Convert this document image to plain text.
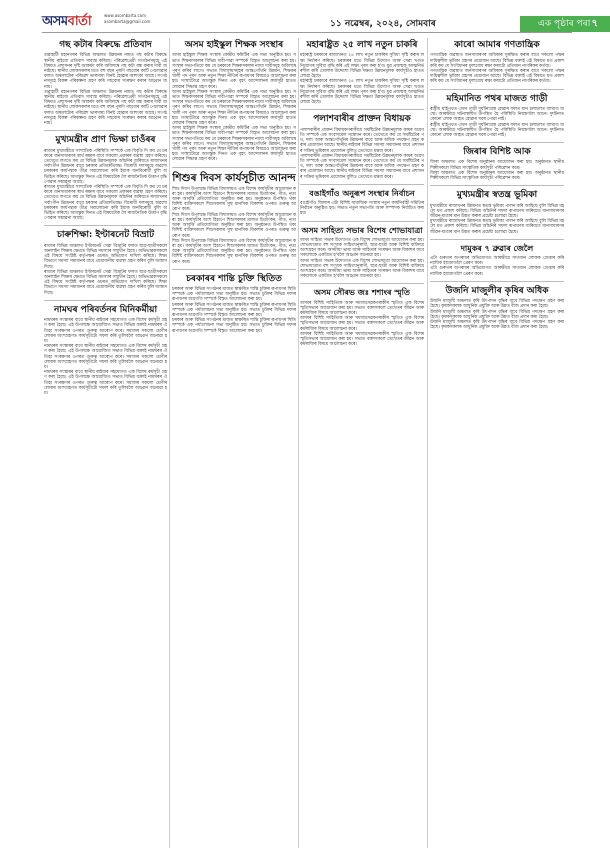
অসমবাৰ্তা	www.asombarta.com
asombarta@gmail.com	১১ নৱেম্বৰ, ২০২৪, সোমবাৰ	এক পৃষ্ঠাৰ পৰা ৭
গছ কটাৰ বিৰুদ্ধে প্ৰতিবাদ
গুৱাহাটী মহানগৰৰ বিভিন্ন অঞ্চলত উন্নয়নৰ নামত গছ কটাৰ বিৰুদ্ধে স্থানীয় ৰাইজে প্ৰতিবাদ সাব্যস্ত কৰিছে। পৰিৱেশপ্ৰেমী সংগঠনসমূহে এই বিষয়ত প্ৰশাসনৰ দৃষ্টি আকৰ্ষণ কৰি অবিলম্বে গছ কটা বন্ধ কৰাৰ দাবী জনাইছে। স্থানীয় লোকসকলৰ মতে বহু বছৰ পুৰণি গছবোৰ কাটি পেলোৱাৰ ফলত অঞ্চলটোৰ পৰিৱেশ ভাৰসাম্য বিনষ্ট হোৱাৰ আশংকা আছে। সংগঠনসমূহে বিকল্প পৰিকল্পনা গ্ৰহণ কৰি গছবোৰ সংৰক্ষণ কৰাৰ আহ্বান জনায়।
গুৱাহাটী মহানগৰৰ বিভিন্ন অঞ্চলত উন্নয়নৰ নামত গছ কটাৰ বিৰুদ্ধে স্থানীয় ৰাইজে প্ৰতিবাদ সাব্যস্ত কৰিছে। পৰিৱেশপ্ৰেমী সংগঠনসমূহে এই বিষয়ত প্ৰশাসনৰ দৃষ্টি আকৰ্ষণ কৰি অবিলম্বে গছ কটা বন্ধ কৰাৰ দাবী জনাইছে। স্থানীয় লোকসকলৰ মতে বহু বছৰ পুৰণি গছবোৰ কাটি পেলোৱাৰ ফলত অঞ্চলটোৰ পৰিৱেশ ভাৰসাম্য বিনষ্ট হোৱাৰ আশংকা আছে। সংগঠনসমূহে বিকল্প পৰিকল্পনা গ্ৰহণ কৰি গছবোৰ সংৰক্ষণ কৰাৰ আহ্বান জনায়।
মুখ্যমন্ত্ৰীৰ প্ৰাণ ভিক্ষা চাওঁৰৰ
ৰাজ্যৰ মুখ্যমন্ত্ৰীয়ে সাম্প্ৰতিক পৰিস্থিতি সম্পৰ্কে এক বিবৃতি দি কয় যে চৰকাৰে জনসাধাৰণৰ স্বাৰ্থ ৰক্ষাৰ বাবে সকলো প্ৰকাৰৰ ব্যৱস্থা গ্ৰহণ কৰিছে। তেখেতে লগতে কয় যে বিভিন্ন উন্নয়নমূলক আঁচনিৰ জৰিয়তে ৰাজ্যখনৰ সৰ্বাংগীন উন্নয়নৰ বাবে চৰকাৰ প্ৰতিশ্ৰুতিবদ্ধ। বিৰোধী দলসমূহে অৱশ্যে চৰকাৰৰ কাৰ্যপন্থাক তীব্ৰ সমালোচনা কৰি ইয়াক জনবিৰোধী বুলি অভিহিত কৰিছে। আগন্তুক দিনত এই বিষয়টোক লৈ ৰাজনৈতিক উত্তাপ বৃদ্ধি পোৱাৰ সম্ভাৱনা আছে।
ৰাজ্যৰ মুখ্যমন্ত্ৰীয়ে সাম্প্ৰতিক পৰিস্থিতি সম্পৰ্কে এক বিবৃতি দি কয় যে চৰকাৰে জনসাধাৰণৰ স্বাৰ্থ ৰক্ষাৰ বাবে সকলো প্ৰকাৰৰ ব্যৱস্থা গ্ৰহণ কৰিছে। তেখেতে লগতে কয় যে বিভিন্ন উন্নয়নমূলক আঁচনিৰ জৰিয়তে ৰাজ্যখনৰ সৰ্বাংগীন উন্নয়নৰ বাবে চৰকাৰ প্ৰতিশ্ৰুতিবদ্ধ। বিৰোধী দলসমূহে অৱশ্যে চৰকাৰৰ কাৰ্যপন্থাক তীব্ৰ সমালোচনা কৰি ইয়াক জনবিৰোধী বুলি অভিহিত কৰিছে। আগন্তুক দিনত এই বিষয়টোক লৈ ৰাজনৈতিক উত্তাপ বৃদ্ধি পোৱাৰ সম্ভাৱনা আছে।
চাৰুশিক্ষা: ইণ্টাৰনেট বিভ্ৰাট
ৰাজ্যৰ বিভিন্ন অঞ্চলত ইণ্টাৰনেট সেৱা বিভ্ৰাটৰ ফলত ছাত্ৰ-ছাত্ৰীসকলে অনলাইন শিক্ষাৰ ক্ষেত্ৰত বিভিন্ন সমস্যাৰ সন্মুখীন হৈছে। অভিভাৱকসকলে এই বিষয়ে সংশ্লিষ্ট কৰ্তৃপক্ষৰ ওচৰত অভিযোগ দাখিল কৰিছে। শিক্ষা বিভাগে সমস্যা সমাধানৰ বাবে প্ৰয়োজনীয় ব্যৱস্থা গ্ৰহণ কৰিব বুলি আশ্বাস দিছে।
ৰাজ্যৰ বিভিন্ন অঞ্চলত ইণ্টাৰনেট সেৱা বিভ্ৰাটৰ ফলত ছাত্ৰ-ছাত্ৰীসকলে অনলাইন শিক্ষাৰ ক্ষেত্ৰত বিভিন্ন সমস্যাৰ সন্মুখীন হৈছে। অভিভাৱকসকলে এই বিষয়ে সংশ্লিষ্ট কৰ্তৃপক্ষৰ ওচৰত অভিযোগ দাখিল কৰিছে। শিক্ষা বিভাগে সমস্যা সমাধানৰ বাবে প্ৰয়োজনীয় ব্যৱস্থা গ্ৰহণ কৰিব বুলি আশ্বাস দিছে।
নামঘৰ পৰিবৰ্তনৰ মিনিকৰ্মীয়া
নামঘৰৰ সংস্কাৰৰ বাবে স্থানীয় ৰাইজৰ সহযোগত এক বিশেষ কৰ্মসূচী গ্ৰহণ কৰা হৈছে। এই উপলক্ষে আয়োজিত সভাত বিভিন্ন বক্তাই নামঘৰৰ ঐতিহ্য সংৰক্ষণৰ ওপৰত গুৰুত্ব আৰোপ কৰে। সমাজৰ সকলো শ্ৰেণীৰ লোকৰ অংশগ্ৰহণত কাৰ্যসূচীটো সফল কৰি তুলিবলৈ আহ্বান জনোৱা হয়।
নামঘৰৰ সংস্কাৰৰ বাবে স্থানীয় ৰাইজৰ সহযোগত এক বিশেষ কৰ্মসূচী গ্ৰহণ কৰা হৈছে। এই উপলক্ষে আয়োজিত সভাত বিভিন্ন বক্তাই নামঘৰৰ ঐতিহ্য সংৰক্ষণৰ ওপৰত গুৰুত্ব আৰোপ কৰে। সমাজৰ সকলো শ্ৰেণীৰ লোকৰ অংশগ্ৰহণত কাৰ্যসূচীটো সফল কৰি তুলিবলৈ আহ্বান জনোৱা হয়।
নামঘৰৰ সংস্কাৰৰ বাবে স্থানীয় ৰাইজৰ সহযোগত এক বিশেষ কৰ্মসূচী গ্ৰহণ কৰা হৈছে। এই উপলক্ষে আয়োজিত সভাত বিভিন্ন বক্তাই নামঘৰৰ ঐতিহ্য সংৰক্ষণৰ ওপৰত গুৰুত্ব আৰোপ কৰে। সমাজৰ সকলো শ্ৰেণীৰ লোকৰ অংশগ্ৰহণত কাৰ্যসূচীটো সফল কৰি তুলিবলৈ আহ্বান জনোৱা হয়।
অসম হাইস্কুল শিক্ষক সংস্থাৰ
অসম হাইস্কুল শিক্ষক সংস্থাৰ কেন্দ্ৰীয় কমিটিৰ এক সভা অনুষ্ঠিত হয়। সভাত শিক্ষকসকলৰ বিভিন্ন দাবী-দাৱা সম্পৰ্কে বিস্তৃত আলোচনা কৰা হয়। সংস্থাৰ সভাপতিয়ে কয় যে চৰকাৰে শিক্ষকসকলৰ ন্যায্য দাবীসমূহ অবিলম্বে পূৰণ কৰিব লাগে। সভাত বিদ্যালয়সমূহৰ আন্তঃগাঁথনি উন্নয়ন, শিক্ষকৰ খালী পদ পূৰণ আৰু নতুন শিক্ষা নীতিৰ ৰূপায়ণৰ বিষয়েও আলোচনা কৰা হয়। সংস্থাটোৱে আগন্তুক দিনত এক বৃহৎ আন্দোলনৰ কাৰ্যসূচী হাতত লোৱাৰ সিদ্ধান্ত গ্ৰহণ কৰে।
অসম হাইস্কুল শিক্ষক সংস্থাৰ কেন্দ্ৰীয় কমিটিৰ এক সভা অনুষ্ঠিত হয়। সভাত শিক্ষকসকলৰ বিভিন্ন দাবী-দাৱা সম্পৰ্কে বিস্তৃত আলোচনা কৰা হয়। সংস্থাৰ সভাপতিয়ে কয় যে চৰকাৰে শিক্ষকসকলৰ ন্যায্য দাবীসমূহ অবিলম্বে পূৰণ কৰিব লাগে। সভাত বিদ্যালয়সমূহৰ আন্তঃগাঁথনি উন্নয়ন, শিক্ষকৰ খালী পদ পূৰণ আৰু নতুন শিক্ষা নীতিৰ ৰূপায়ণৰ বিষয়েও আলোচনা কৰা হয়। সংস্থাটোৱে আগন্তুক দিনত এক বৃহৎ আন্দোলনৰ কাৰ্যসূচী হাতত লোৱাৰ সিদ্ধান্ত গ্ৰহণ কৰে।
অসম হাইস্কুল শিক্ষক সংস্থাৰ কেন্দ্ৰীয় কমিটিৰ এক সভা অনুষ্ঠিত হয়। সভাত শিক্ষকসকলৰ বিভিন্ন দাবী-দাৱা সম্পৰ্কে বিস্তৃত আলোচনা কৰা হয়। সংস্থাৰ সভাপতিয়ে কয় যে চৰকাৰে শিক্ষকসকলৰ ন্যায্য দাবীসমূহ অবিলম্বে পূৰণ কৰিব লাগে। সভাত বিদ্যালয়সমূহৰ আন্তঃগাঁথনি উন্নয়ন, শিক্ষকৰ খালী পদ পূৰণ আৰু নতুন শিক্ষা নীতিৰ ৰূপায়ণৰ বিষয়েও আলোচনা কৰা হয়। সংস্থাটোৱে আগন্তুক দিনত এক বৃহৎ আন্দোলনৰ কাৰ্যসূচী হাতত লোৱাৰ সিদ্ধান্ত গ্ৰহণ কৰে।
শিশুৰ দিবস কাৰ্যসূচীত আনন্দ
শিশু দিবস উপলক্ষে বিভিন্ন বিদ্যালয়ত এক বিশেষ কাৰ্যসূচীৰ আয়োজন কৰা হয়। কাৰ্যসূচীৰ অংশ হিচাপে শিশুসকলৰ মাজত চিত্ৰাংকন, গীত, নৃত্য আৰু আবৃত্তি প্ৰতিযোগিতা অনুষ্ঠিত কৰা হয়। অনুষ্ঠানত উপস্থিত থকা বিশিষ্ট ব্যক্তিসকলে শিশুসকলৰ সুস্থ মানসিক বিকাশৰ ওপৰত গুৰুত্ব আৰোপ কৰে।
শিশু দিবস উপলক্ষে বিভিন্ন বিদ্যালয়ত এক বিশেষ কাৰ্যসূচীৰ আয়োজন কৰা হয়। কাৰ্যসূচীৰ অংশ হিচাপে শিশুসকলৰ মাজত চিত্ৰাংকন, গীত, নৃত্য আৰু আবৃত্তি প্ৰতিযোগিতা অনুষ্ঠিত কৰা হয়। অনুষ্ঠানত উপস্থিত থকা বিশিষ্ট ব্যক্তিসকলে শিশুসকলৰ সুস্থ মানসিক বিকাশৰ ওপৰত গুৰুত্ব আৰোপ কৰে।
শিশু দিবস উপলক্ষে বিভিন্ন বিদ্যালয়ত এক বিশেষ কাৰ্যসূচীৰ আয়োজন কৰা হয়। কাৰ্যসূচীৰ অংশ হিচাপে শিশুসকলৰ মাজত চিত্ৰাংকন, গীত, নৃত্য আৰু আবৃত্তি প্ৰতিযোগিতা অনুষ্ঠিত কৰা হয়। অনুষ্ঠানত উপস্থিত থকা বিশিষ্ট ব্যক্তিসকলে শিশুসকলৰ সুস্থ মানসিক বিকাশৰ ওপৰত গুৰুত্ব আৰোপ কৰে।
চৰকাৰৰ শান্তি চুক্তি স্থিতিত
চৰকাৰ আৰু বিভিন্ন সংগঠনৰ মাজত স্বাক্ষৰিত শান্তি চুক্তিৰ ৰূপায়ণৰ স্থিতি সম্পৰ্কে এক পৰ্যালোচনা সভা অনুষ্ঠিত হয়। সভাত চুক্তিৰ বিভিন্ন দফাৰ ৰূপায়ণৰ অগ্ৰগতি সম্পৰ্কে বিস্তৃত আলোচনা কৰা হয়।
চৰকাৰ আৰু বিভিন্ন সংগঠনৰ মাজত স্বাক্ষৰিত শান্তি চুক্তিৰ ৰূপায়ণৰ স্থিতি সম্পৰ্কে এক পৰ্যালোচনা সভা অনুষ্ঠিত হয়। সভাত চুক্তিৰ বিভিন্ন দফাৰ ৰূপায়ণৰ অগ্ৰগতি সম্পৰ্কে বিস্তৃত আলোচনা কৰা হয়।
চৰকাৰ আৰু বিভিন্ন সংগঠনৰ মাজত স্বাক্ষৰিত শান্তি চুক্তিৰ ৰূপায়ণৰ স্থিতি সম্পৰ্কে এক পৰ্যালোচনা সভা অনুষ্ঠিত হয়। সভাত চুক্তিৰ বিভিন্ন দফাৰ ৰূপায়ণৰ অগ্ৰগতি সম্পৰ্কে বিস্তৃত আলোচনা কৰা হয়।
মহাৰাষ্ট্ৰত ২৫ লাখ নতুন চাকৰি
মহাৰাষ্ট্ৰ চৰকাৰে ৰাজ্যখনত ২৫ লাখ নতুন চাকৰিৰ সুবিধা সৃষ্টি কৰাৰ লক্ষ্য নিৰ্ধাৰণ কৰিছে। চৰকাৰৰ মতে বিভিন্ন উদ্যোগ আৰু সেৱা খণ্ডত নিয়োগৰ সুবিধা বৃদ্ধি কৰি এই লক্ষ্য পূৰণ কৰা হ'ব। যুৱ প্ৰজন্মক আত্মনিৰ্ভৰশীল কৰি তোলাৰ উদ্দেশ্যে বিভিন্ন দক্ষতা উন্নয়নমূলক কাৰ্যসূচীও হাতত লোৱা হৈছে।
মহাৰাষ্ট্ৰ চৰকাৰে ৰাজ্যখনত ২৫ লাখ নতুন চাকৰিৰ সুবিধা সৃষ্টি কৰাৰ লক্ষ্য নিৰ্ধাৰণ কৰিছে। চৰকাৰৰ মতে বিভিন্ন উদ্যোগ আৰু সেৱা খণ্ডত নিয়োগৰ সুবিধা বৃদ্ধি কৰি এই লক্ষ্য পূৰণ কৰা হ'ব। যুৱ প্ৰজন্মক আত্মনিৰ্ভৰশীল কৰি তোলাৰ উদ্দেশ্যে বিভিন্ন দক্ষতা উন্নয়নমূলক কাৰ্যসূচীও হাতত লোৱা হৈছে।
পলাশবাৰীৰ প্ৰাক্তন বিধায়ক
পলাশবাৰীৰ প্ৰাক্তন বিধায়কগৰাকীয়ে সমষ্টিটোৰ উন্নয়নমূলক কামৰ অগ্ৰগতি সম্পৰ্কে এক সংবাদমেল সম্বোধন কৰে। তেখেতে কয় যে সমষ্টিটোৰ পথ, দলং আৰু আন্তঃগাঁথনিৰ উন্নয়নৰ বাবে আৰু অধিক পদক্ষেপ গ্ৰহণ কৰাৰ প্ৰয়োজন আছে। স্থানীয় ৰাইজৰ বিভিন্ন সমস্যা সমাধানৰ বাবে প্ৰশাসনৰ সক্ৰিয় ভূমিকাৰ প্ৰয়োজন বুলিও তেখেতে মন্তব্য কৰে।
পলাশবাৰীৰ প্ৰাক্তন বিধায়কগৰাকীয়ে সমষ্টিটোৰ উন্নয়নমূলক কামৰ অগ্ৰগতি সম্পৰ্কে এক সংবাদমেল সম্বোধন কৰে। তেখেতে কয় যে সমষ্টিটোৰ পথ, দলং আৰু আন্তঃগাঁথনিৰ উন্নয়নৰ বাবে আৰু অধিক পদক্ষেপ গ্ৰহণ কৰাৰ প্ৰয়োজন আছে। স্থানীয় ৰাইজৰ বিভিন্ন সমস্যা সমাধানৰ বাবে প্ৰশাসনৰ সক্ৰিয় ভূমিকাৰ প্ৰয়োজন বুলিও তেখেতে মন্তব্য কৰে।
বঙাইগাঁও অনুৰূপ সংস্থাৰ নিৰ্বাচন
বঙাইগাঁও জিলাৰ এটা বিশিষ্ট সামাজিক সংস্থাৰ নতুন কাৰ্যনিৰ্বাহী সমিতিৰ নিৰ্বাচন অনুষ্ঠিত হয়। সভাত নতুন সভাপতি আৰু সম্পাদক নিৰ্বাচিত কৰা হয়।
অসম সাহিত্য সভাৰ বিশেষ শোভাযাত্ৰা
অসম সাহিত্য সভাৰ উদ্যোগত এক বিশেষ শোভাযাত্ৰা আয়োজন কৰা হয়। শোভাযাত্ৰাত বহু সংখ্যক সাহিত্যানুৰাগী, ছাত্ৰ-ছাত্ৰী আৰু বিশিষ্ট ব্যক্তিয়ে অংশগ্ৰহণ কৰে। অসমীয়া ভাষা আৰু সাহিত্যৰ সংৰক্ষণ আৰু বিকাশৰ বাবে সকলোকে একত্ৰিত হ'বলৈ আহ্বান জনোৱা হয়।
অসম সাহিত্য সভাৰ উদ্যোগত এক বিশেষ শোভাযাত্ৰা আয়োজন কৰা হয়। শোভাযাত্ৰাত বহু সংখ্যক সাহিত্যানুৰাগী, ছাত্ৰ-ছাত্ৰী আৰু বিশিষ্ট ব্যক্তিয়ে অংশগ্ৰহণ কৰে। অসমীয়া ভাষা আৰু সাহিত্যৰ সংৰক্ষণ আৰু বিকাশৰ বাবে সকলোকে একত্ৰিত হ'বলৈ আহ্বান জনোৱা হয়।
অসম সৌৰভ জঃ শশাংৰ স্মৃতি
অসমৰ বিশিষ্ট সাহিত্যিক আৰু সমাজসেৱকগৰাকীৰ স্মৃতিত এক বিশেষ স্মৃতিসভাৰ আয়োজন কৰা হয়। সভাত বক্তাসকলে তেখেতৰ জীৱন আৰু কৰ্মৰাজিৰ বিষয়ে আলোচনা কৰে।
অসমৰ বিশিষ্ট সাহিত্যিক আৰু সমাজসেৱকগৰাকীৰ স্মৃতিত এক বিশেষ স্মৃতিসভাৰ আয়োজন কৰা হয়। সভাত বক্তাসকলে তেখেতৰ জীৱন আৰু কৰ্মৰাজিৰ বিষয়ে আলোচনা কৰে।
অসমৰ বিশিষ্ট সাহিত্যিক আৰু সমাজসেৱকগৰাকীৰ স্মৃতিত এক বিশেষ স্মৃতিসভাৰ আয়োজন কৰা হয়। সভাত বক্তাসকলে তেখেতৰ জীৱন আৰু কৰ্মৰাজিৰ বিষয়ে আলোচনা কৰে।
কাৰো আমাৰ গণতান্ত্ৰিক
গণতান্ত্ৰিক ব্যৱস্থাত জনসাধাৰণৰ অধিকাৰ সুৰক্ষিত কৰাৰ বাবে সকলো পক্ষৰ দায়িত্বশীল ভূমিকা গ্ৰহণৰ প্ৰয়োজন আছে। বিভিন্ন বক্তাই এই বিষয়ত মত প্ৰকাশ কৰি কয় যে সংবিধানৰ মূল্যবোধ ৰক্ষা কৰাটো প্ৰতিজন নাগৰিকৰ কৰ্তব্য।
গণতান্ত্ৰিক ব্যৱস্থাত জনসাধাৰণৰ অধিকাৰ সুৰক্ষিত কৰাৰ বাবে সকলো পক্ষৰ দায়িত্বশীল ভূমিকা গ্ৰহণৰ প্ৰয়োজন আছে। বিভিন্ন বক্তাই এই বিষয়ত মত প্ৰকাশ কৰি কয় যে সংবিধানৰ মূল্যবোধ ৰক্ষা কৰাটো প্ৰতিজন নাগৰিকৰ কৰ্তব্য।
মহিমানিত পথৰ মাজত গাড়ী
ৰাষ্ট্ৰীয় ঘাইপথত এখন গাড়ী দুৰ্ঘটনাগ্ৰস্ত হোৱাৰ ফলত যান চলাচলত ব্যাঘাত জন্মে। আৰক্ষীয়ে ঘটনাস্থলীত উপস্থিত হৈ পৰিস্থিতি নিয়ন্ত্ৰণলৈ আনে। দুৰ্ঘটনাত কোনো লোক আহত হোৱাৰ খবৰ পোৱা নাই।
ৰাষ্ট্ৰীয় ঘাইপথত এখন গাড়ী দুৰ্ঘটনাগ্ৰস্ত হোৱাৰ ফলত যান চলাচলত ব্যাঘাত জন্মে। আৰক্ষীয়ে ঘটনাস্থলীত উপস্থিত হৈ পৰিস্থিতি নিয়ন্ত্ৰণলৈ আনে। দুৰ্ঘটনাত কোনো লোক আহত হোৱাৰ খবৰ পোৱা নাই।
জিৰাৰ বিশিষ্ট আক
জিৰা অঞ্চলত এক বিশেষ অনুষ্ঠানৰ আয়োজন কৰা হয়। অনুষ্ঠানত স্থানীয় শিল্পীসকলে বিভিন্ন সাংস্কৃতিক কাৰ্যসূচী পৰিৱেশন কৰে।
জিৰা অঞ্চলত এক বিশেষ অনুষ্ঠানৰ আয়োজন কৰা হয়। অনুষ্ঠানত স্থানীয় শিল্পীসকলে বিভিন্ন সাংস্কৃতিক কাৰ্যসূচী পৰিৱেশন কৰে।
মুখ্যমন্ত্ৰীৰ স্বতন্ত্ৰ ভূমিকা
মুখ্যমন্ত্ৰীয়ে ৰাজ্যখনৰ উন্নয়নত স্বতন্ত্ৰ ভূমিকা পালন কৰি আহিছে বুলি বিভিন্ন মহলে মত প্ৰকাশ কৰিছে। বিভিন্ন আঁচনিৰ সফল ৰূপায়ণৰ জৰিয়তে জনসাধাৰণৰ জীৱন-যাত্ৰাৰ মান উন্নত কৰাৰ প্ৰচেষ্টা চলোৱা হৈছে।
মুখ্যমন্ত্ৰীয়ে ৰাজ্যখনৰ উন্নয়নত স্বতন্ত্ৰ ভূমিকা পালন কৰি আহিছে বুলি বিভিন্ন মহলে মত প্ৰকাশ কৰিছে। বিভিন্ন আঁচনিৰ সফল ৰূপায়ণৰ জৰিয়তে জনসাধাৰণৰ জীৱন-যাত্ৰাৰ মান উন্নত কৰাৰ প্ৰচেষ্টা চলোৱা হৈছে।
দামুকৰ ৭ ব্ৰুৱাৰ জেলৈ
এটা গুৰুতৰ অপৰাধৰ অভিযোগত আৰক্ষীয়ে সাতজন লোকক গ্ৰেপ্তাৰ কৰি ন্যায়িক হাজোতলৈ প্ৰেৰণ কৰে।
এটা গুৰুতৰ অপৰাধৰ অভিযোগত আৰক্ষীয়ে সাতজন লোকক গ্ৰেপ্তাৰ কৰি ন্যায়িক হাজোতলৈ প্ৰেৰণ কৰে।
উজনি মাজুলীৰ কৃষিৰ অধিক
উজনি মাজুলী অঞ্চলত কৃষি উৎপাদন বৃদ্ধিৰ বাবে বিভিন্ন পদক্ষেপ গ্ৰহণ কৰা হৈছে। কৃষকসকলক আধুনিক প্ৰযুক্তি আৰু উন্নত বীজ প্ৰদান কৰা হৈছে।
উজনি মাজুলী অঞ্চলত কৃষি উৎপাদন বৃদ্ধিৰ বাবে বিভিন্ন পদক্ষেপ গ্ৰহণ কৰা হৈছে। কৃষকসকলক আধুনিক প্ৰযুক্তি আৰু উন্নত বীজ প্ৰদান কৰা হৈছে।
উজনি মাজুলী অঞ্চলত কৃষি উৎপাদন বৃদ্ধিৰ বাবে বিভিন্ন পদক্ষেপ গ্ৰহণ কৰা হৈছে। কৃষকসকলক আধুনিক প্ৰযুক্তি আৰু উন্নত বীজ প্ৰদান কৰা হৈছে।
